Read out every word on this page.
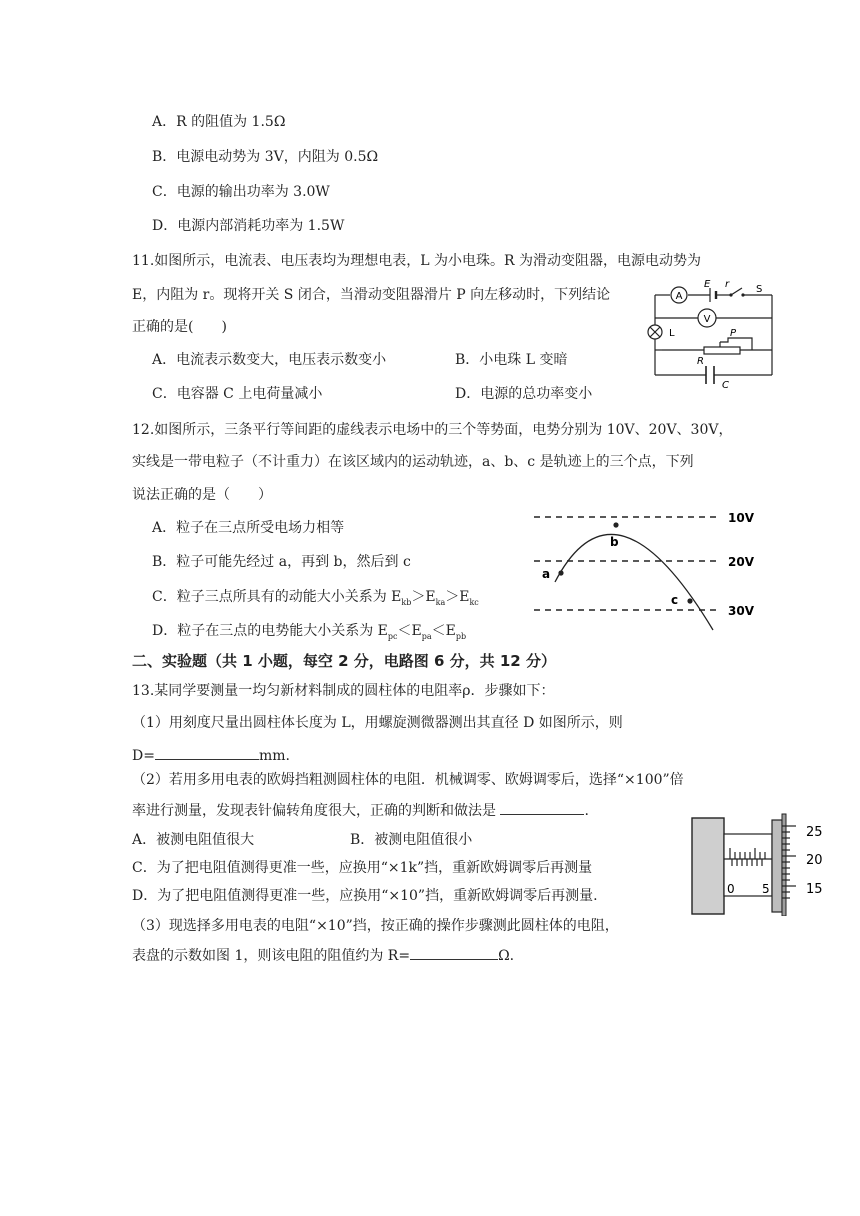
A．R 的阻值为 1.5Ω
B．电源电动势为 3V，内阻为 0.5Ω
C．电源的输出功率为 3.0W
D．电源内部消耗功率为 1.5W
11.如图所示，电流表、电压表均为理想电表，L 为小电珠。R 为滑动变阻器，电源电动势为
E，内阻为 r。现将开关 S 闭合，当滑动变阻器滑片 P 向左移动时，下列结论
正确的是(　　)
A．电流表示数变大，电压表示数变小	B．小电珠 L 变暗
C．电容器 C 上电荷量减小	D．电源的总功率变小
A
E r	S
V
L
R
P
C
12.如图所示，三条平行等间距的虚线表示电场中的三个等势面，电势分别为 10V、20V、30V，
实线是一带电粒子（不计重力）在该区域内的运动轨迹，a、b、c 是轨迹上的三个点，下列
说法正确的是（　　）
A．粒子在三点所受电场力相等
B．粒子可能先经过 a，再到 b，然后到 c
C．粒子三点所具有的动能大小关系为 $E_{kb}>E_{ka}>E_{kc}$
D．粒子在三点的电势能大小关系为 $E_{pc}<E_{pa}<E_{pb}$
10V
20V
30V
a
b
c
二、实验题（共 1 小题，每空 2 分，电路图 6 分，共 12 分）
13.某同学要测量一均匀新材料制成的圆柱体的电阻率ρ．步骤如下：
（1）用刻度尺量出圆柱体长度为 L，用螺旋测微器测出其直径 D 如图所示，则
D=	mm.
（2）若用多用电表的欧姆挡粗测圆柱体的电阻．机械调零、欧姆调零后，选择“×100”倍
率进行测量，发现表针偏转角度很大，正确的判断和做法是	.
A．被测电阻值很大	B．被测电阻值很小
C．为了把电阻值测得更准一些，应换用“×1k”挡，重新欧姆调零后再测量
D．为了把电阻值测得更准一些，应换用“×10”挡，重新欧姆调零后再测量.
（3）现选择多用电表的电阻“×10”挡，按正确的操作步骤测此圆柱体的电阻，
表盘的示数如图 1，则该电阻的阻值约为 R=	Ω.
0 5
25
20
15
